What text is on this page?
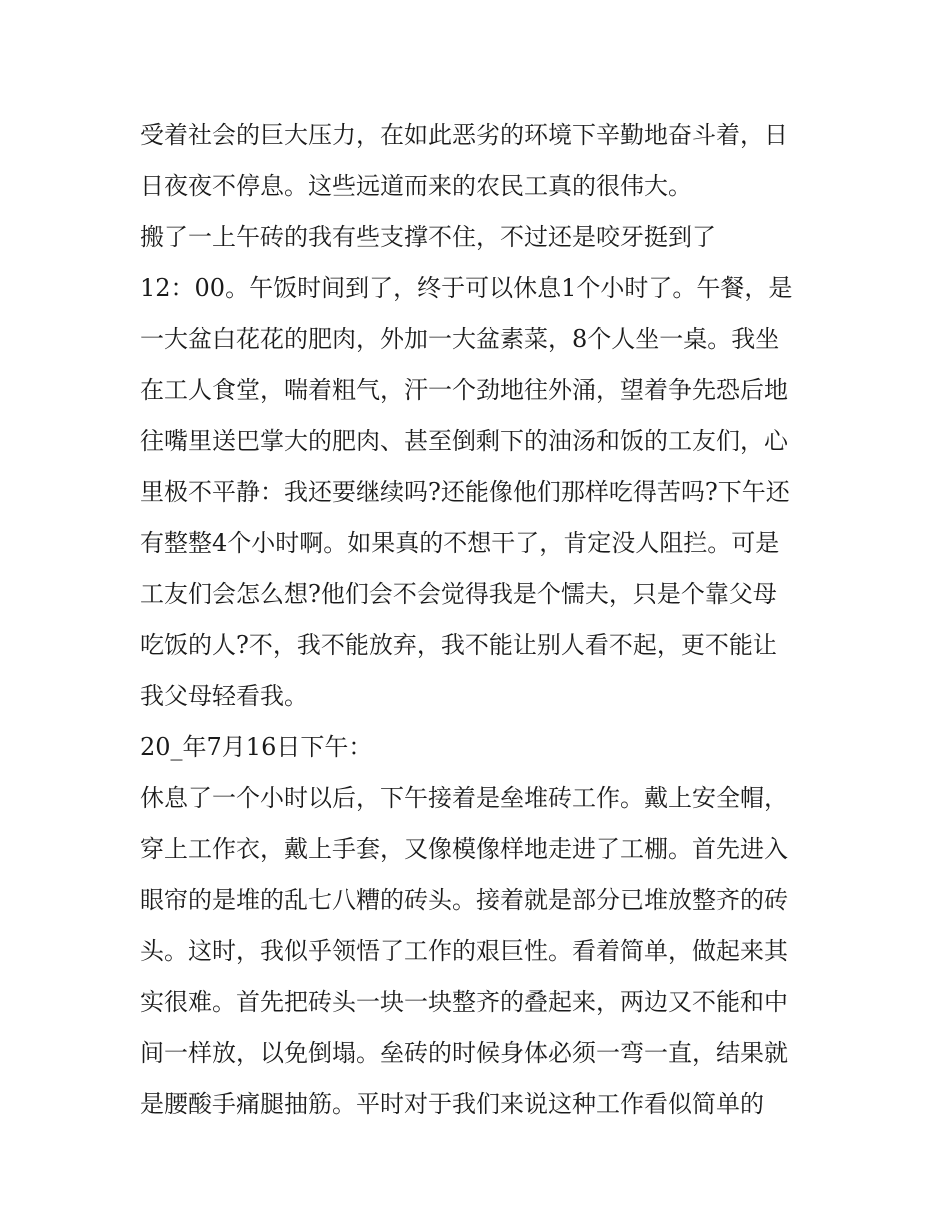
受着社会的巨大压力，在如此恶劣的环境下辛勤地奋斗着，日
日夜夜不停息。这些远道而来的农民工真的很伟大。
搬了一上午砖的我有些支撑不住，不过还是咬牙挺到了
12：00。午饭时间到了，终于可以休息1个小时了。午餐，是
一大盆白花花的肥肉，外加一大盆素菜，8个人坐一桌。我坐
在工人食堂，喘着粗气，汗一个劲地往外涌，望着争先恐后地
往嘴里送巴掌大的肥肉、甚至倒剩下的油汤和饭的工友们，心
里极不平静：我还要继续吗?还能像他们那样吃得苦吗?下午还
有整整4个小时啊。如果真的不想干了，肯定没人阻拦。可是
工友们会怎么想?他们会不会觉得我是个懦夫，只是个靠父母
吃饭的人?不，我不能放弃，我不能让别人看不起，更不能让
我父母轻看我。
20_年7月16日下午：
休息了一个小时以后，下午接着是垒堆砖工作。戴上安全帽，
穿上工作衣，戴上手套，又像模像样地走进了工棚。首先进入
眼帘的是堆的乱七八糟的砖头。接着就是部分已堆放整齐的砖
头。这时，我似乎领悟了工作的艰巨性。看着简单，做起来其
实很难。首先把砖头一块一块整齐的叠起来，两边又不能和中
间一样放，以免倒塌。垒砖的时候身体必须一弯一直，结果就
是腰酸手痛腿抽筋。平时对于我们来说这种工作看似简单的
